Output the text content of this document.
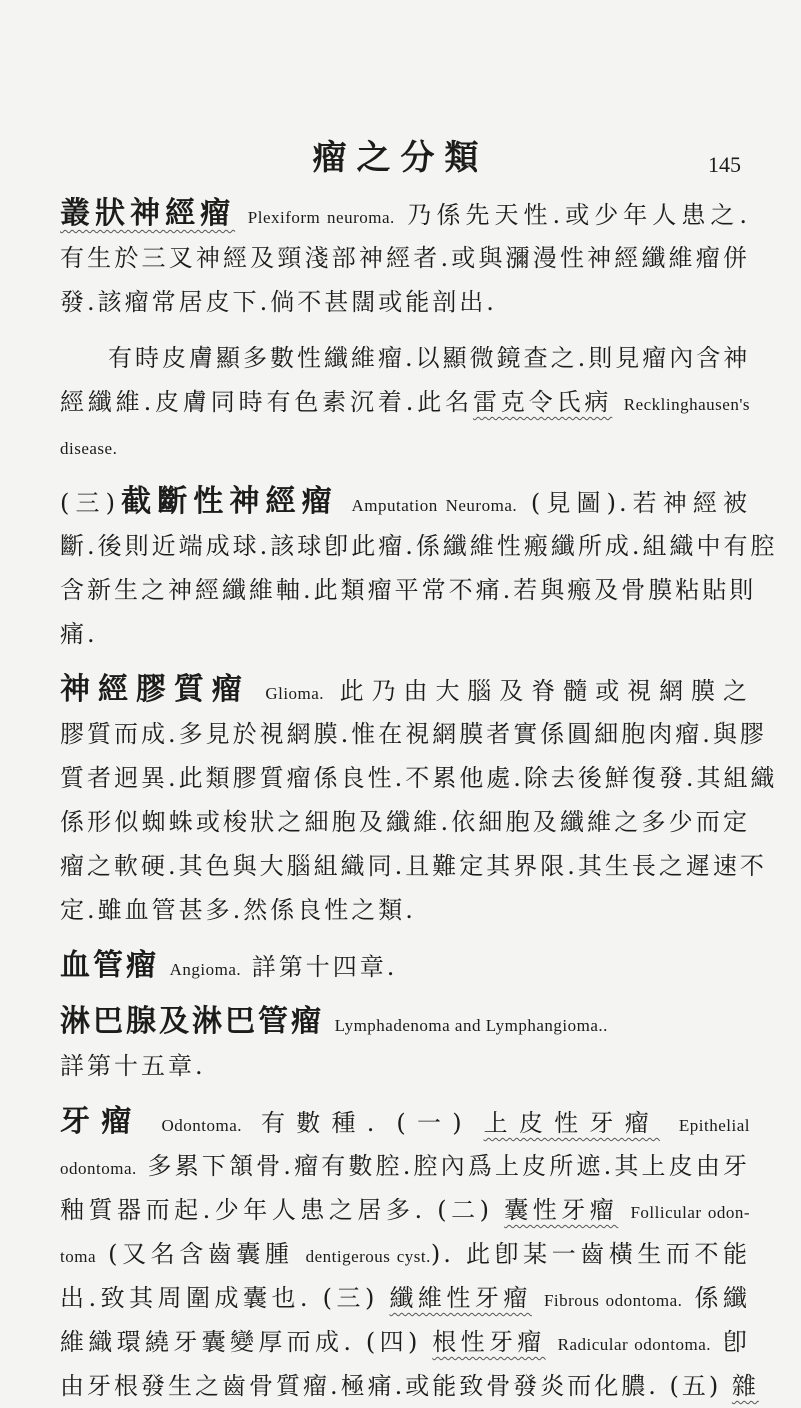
瘤之分類	145
叢狀神經瘤 Plexiform neuroma. 乃係先天性.或少年人患之.
有生於三叉神經及頸淺部神經者.或與瀰漫性神經纖維瘤併
發.該瘤常居皮下.倘不甚闊或能剖出.
有時皮膚顯多數性纖維瘤.以顯微鏡查之.則見瘤內含神
經纖維.皮膚同時有色素沉着.此名雷克令氏病 Recklinghausen's
disease.
(三)截斷性神經瘤 Amputation Neuroma. (見圖).若神經被
斷.後則近端成球.該球卽此瘤.係纖維性瘢纖所成.組織中有腔
含新生之神經纖維軸.此類瘤平常不痛.若與瘢及骨膜粘貼則
痛.
神經膠質瘤 Glioma. 此乃由大腦及脊髓或視網膜之
膠質而成.多見於視網膜.惟在視網膜者實係圓細胞肉瘤.與膠
質者迥異.此類膠質瘤係良性.不累他處.除去後鮮復發.其組織
係形似蜘蛛或梭狀之細胞及纖維.依細胞及纖維之多少而定
瘤之軟硬.其色與大腦組織同.且難定其界限.其生長之遲速不
定.雖血管甚多.然係良性之類.
血管瘤 Angioma. 詳第十四章.
淋巴腺及淋巴管瘤 Lymphadenoma and Lymphangioma..
詳第十五章.
牙瘤 Odontoma. 有數種. (一) 上皮性牙瘤 Epithelial
odontoma. 多累下頷骨.瘤有數腔.腔內爲上皮所遮.其上皮由牙
釉質器而起.少年人患之居多. (二) 囊性牙瘤 Follicular odon-
toma (又名含齒囊腫 dentigerous cyst.). 此卽某一齒橫生而不能
出.致其周圍成囊也. (三) 纖維性牙瘤 Fibrous odontoma. 係纖
維織環繞牙囊變厚而成. (四) 根性牙瘤 Radicular odontoma. 卽
由牙根發生之齒骨質瘤.極痛.或能致骨發炎而化膿. (五) 雜
